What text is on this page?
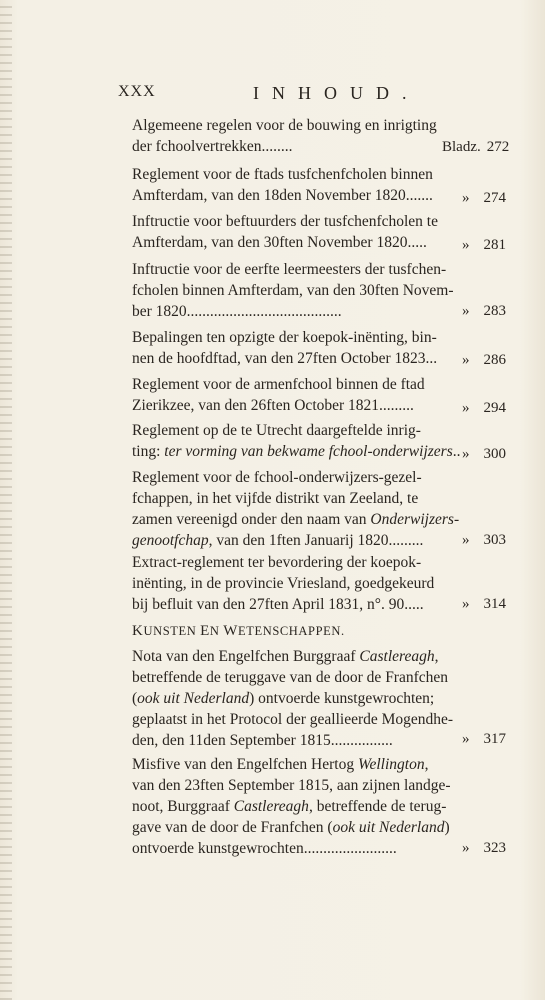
XXX	INHOUD.
Algemeene regelen voor de bouwing en inrigting
der fchoolvertrekken........	Bladz. 272
Reglement voor de ftads tusfchenfcholen binnen
Amfterdam, van den 18den November 1820....... » 274
Inftructie voor beftuurders der tusfchenfcholen te
Amfterdam, van den 30ften November 1820.....	» 281
Inftructie voor de eerfte leermeesters der tusfchen-
fcholen binnen Amfterdam, van den 30ften Novem-
ber 1820........................................	» 283
Bepalingen ten opzigte der koepok-inënting, bin-
nen de hoofdftad, van den 27ften October 1823... » 286
Reglement voor de armenfchool binnen de ftad
Zierikzee, van den 26ften October 1821.........	» 294
Reglement op de te Utrecht daargeftelde inrig-
ting: ter vorming van bekwame fchool-onderwijzers.. » 300
Reglement voor de fchool-onderwijzers-gezel-
fchappen, in het vijfde distrikt van Zeeland, te
zamen vereenigd onder den naam van Onderwijzers-
genootfchap, van den 1ften Januarij 1820.........	» 303
Extract-reglement ter bevordering der koepok-
inënting, in de provincie Vriesland, goedgekeurd
bij befluit van den 27ften April 1831, n°. 90.....	» 314
KUNSTEN EN WETENSCHAPPEN.
Nota van den Engelfchen Burggraaf Castlereagh,
betreffende de teruggave van de door de Franfchen
(ook uit Nederland) ontvoerde kunstgewrochten;
geplaatst in het Protocol der geallieerde Mogendhe-
den, den 11den September 1815................	» 317
Misfive van den Engelfchen Hertog Wellington,
van den 23ften September 1815, aan zijnen landge-
noot, Burggraaf Castlereagh, betreffende de terug-
gave van de door de Franfchen (ook uit Nederland)
ontvoerde kunstgewrochten........................	» 323
